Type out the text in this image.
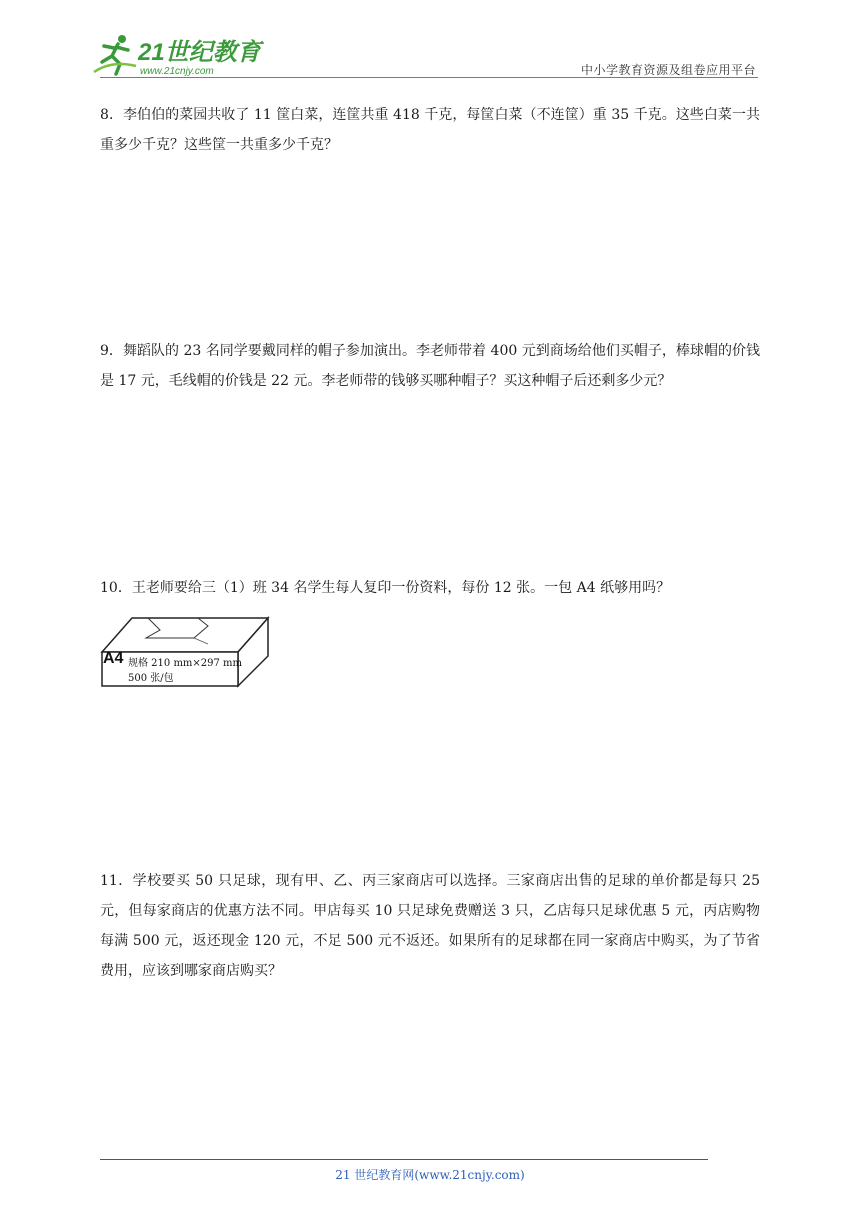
21世纪教育
www.21cnjy.com	中小学教育资源及组卷应用平台
8．李伯伯的菜园共收了 11 筐白菜，连筐共重 418 千克，每筐白菜（不连筐）重 35 千克。这些白菜一共重多少千克？这些筐一共重多少千克？
9．舞蹈队的 23 名同学要戴同样的帽子参加演出。李老师带着 400 元到商场给他们买帽子，棒球帽的价钱是 17 元，毛线帽的价钱是 22 元。李老师带的钱够买哪种帽子？买这种帽子后还剩多少元？
10．王老师要给三（1）班 34 名学生每人复印一份资料，每份 12 张。一包 A4 纸够用吗？
A4 规格 210 mm×297 mm
500 张/包
11．学校要买 50 只足球，现有甲、乙、丙三家商店可以选择。三家商店出售的足球的单价都是每只 25 元，但每家商店的优惠方法不同。甲店每买 10 只足球免费赠送 3 只，乙店每只足球优惠 5 元，丙店购物每满 500 元，返还现金 120 元，不足 500 元不返还。如果所有的足球都在同一家商店中购买，为了节省费用，应该到哪家商店购买？
21 世纪教育网(www.21cnjy.com)
